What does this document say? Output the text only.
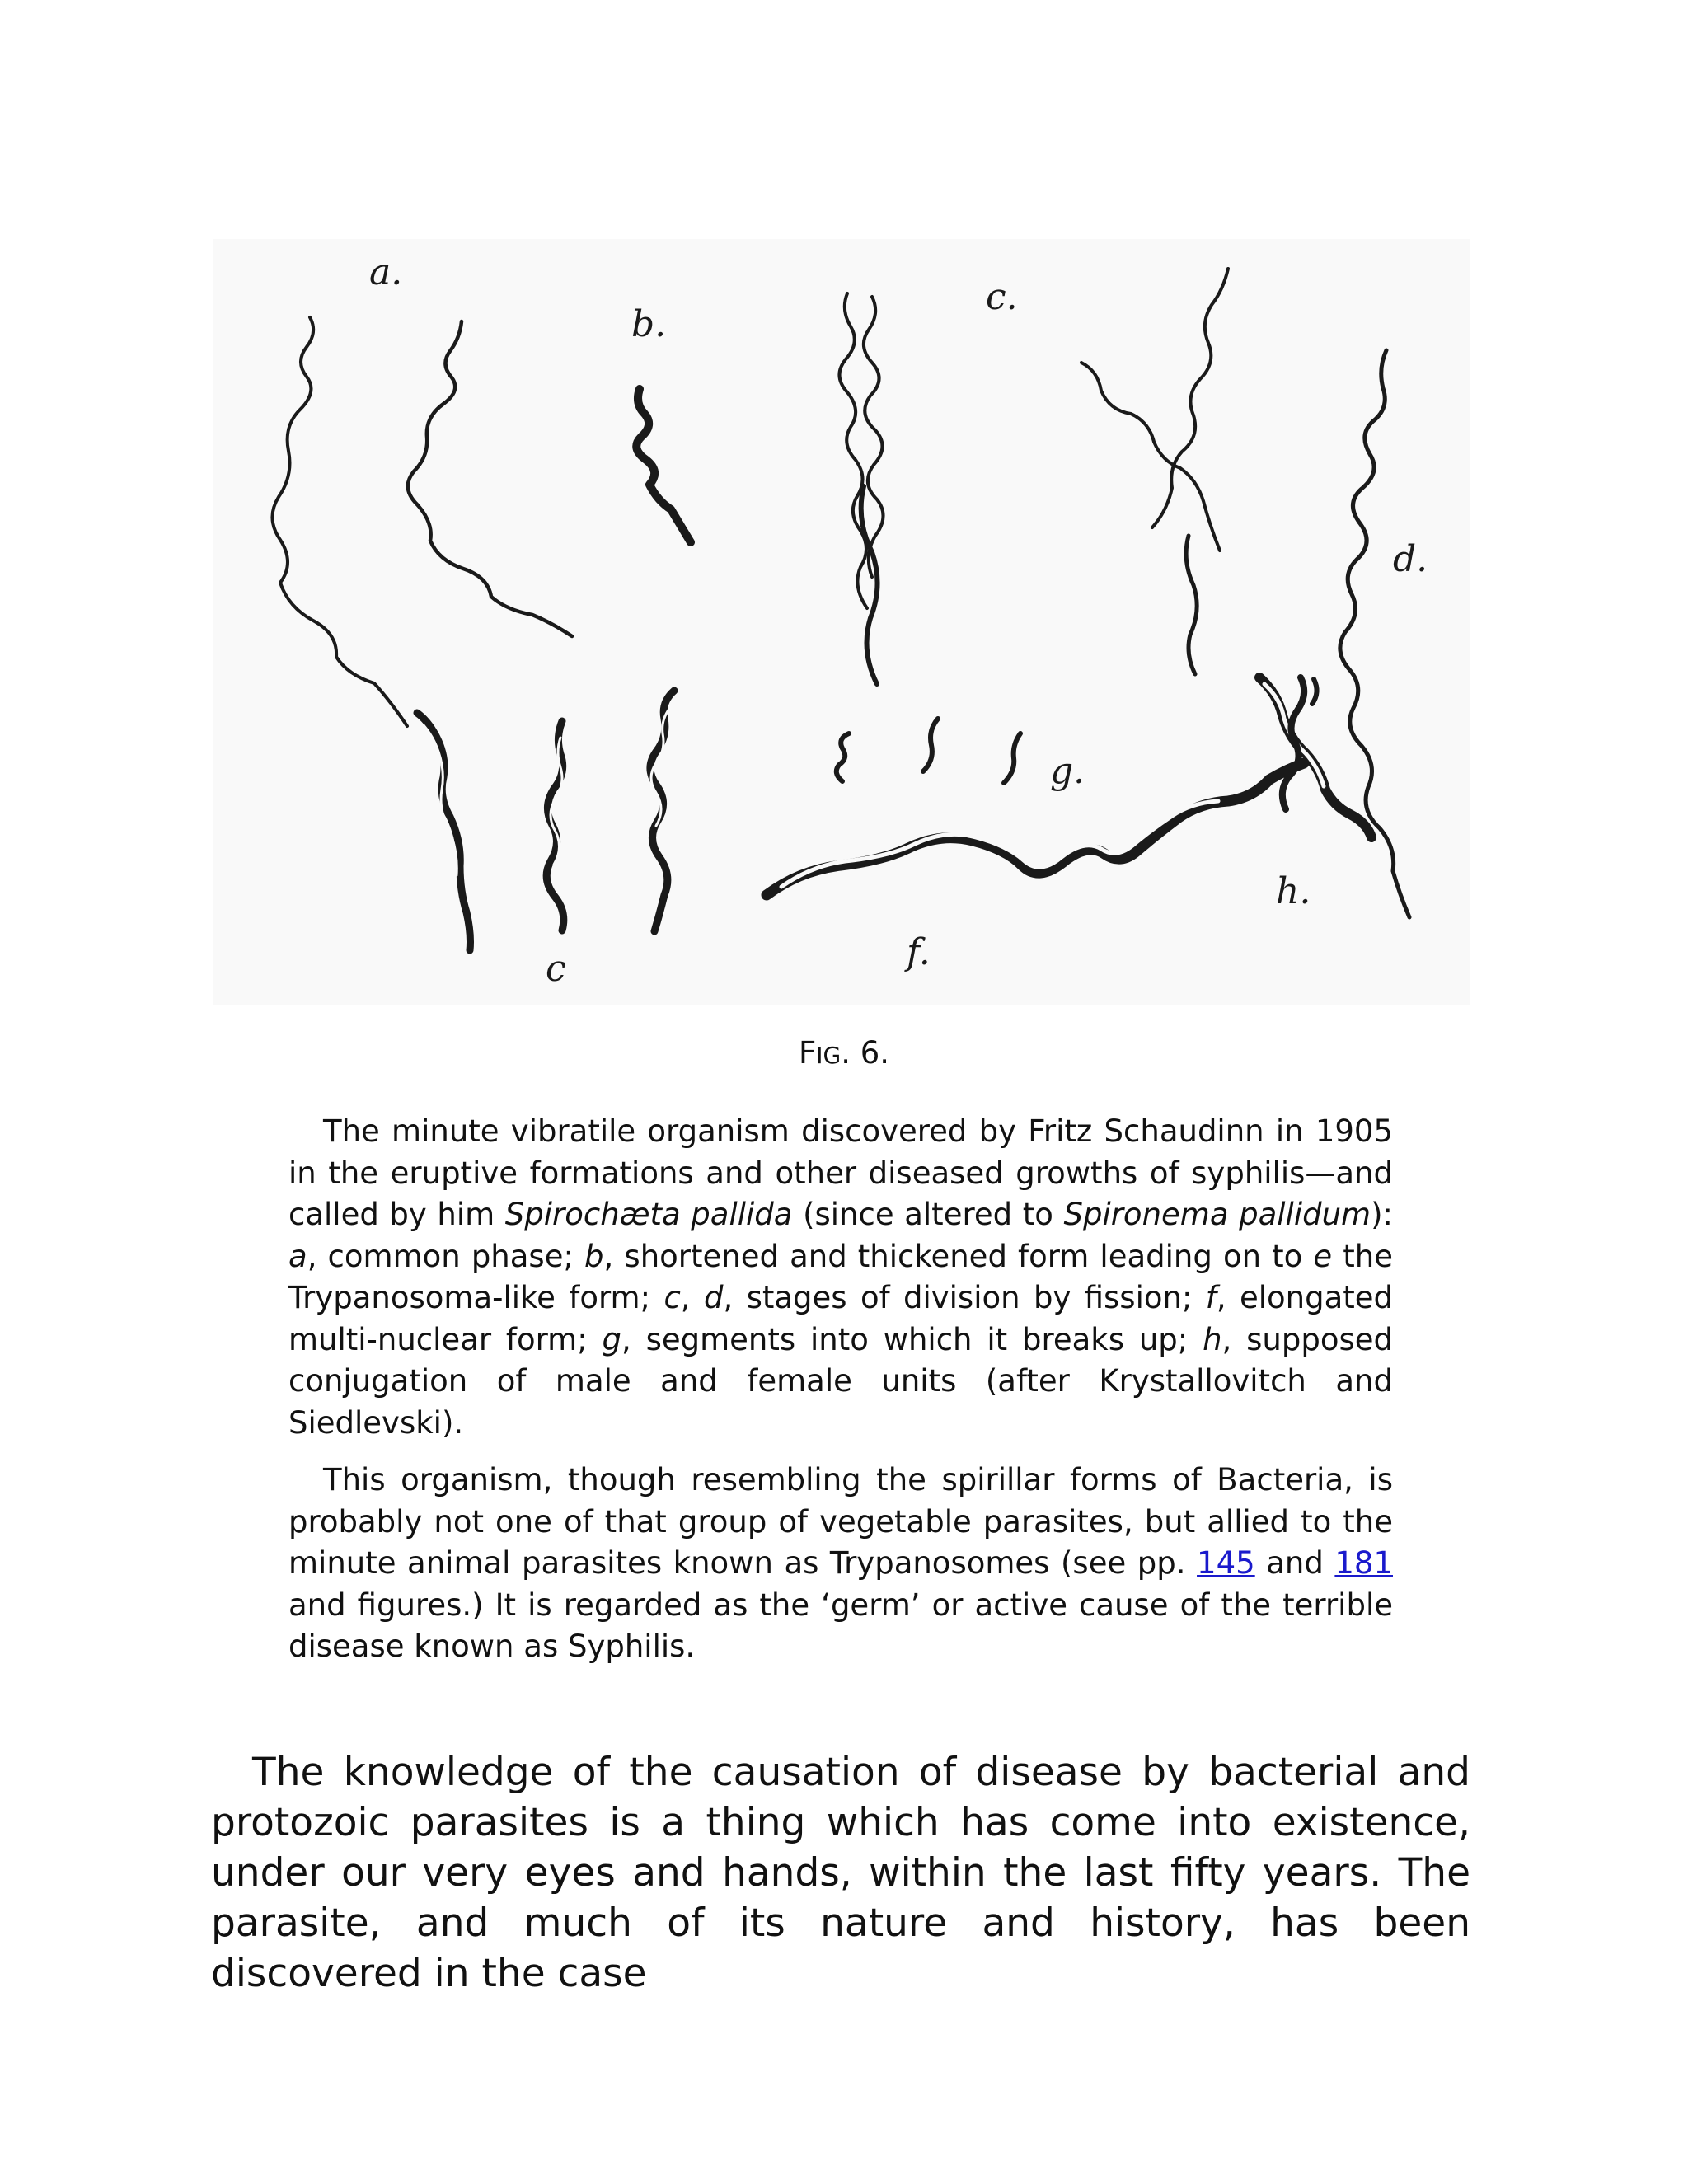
a.
b.
c.
d.
c	f.
g.
h.
FIG. 6.

The minute vibratile organism discovered by Fritz Schaudinn in 1905 in the eruptive formations and other diseased growths of syphilis—and called by him Spirochæta pallida (since altered to Spironema pallidum): a, common phase; b, shortened and thickened form leading on to e the Trypanosoma-like form; c, d, stages of division by fission; f, elongated multi-nuclear form; g, segments into which it breaks up; h, supposed conjugation of male and female units (after Krystallovitch and Siedlevski).

This organism, though resembling the spirillar forms of Bacteria, is probably not one of that group of vegetable parasites, but allied to the minute animal parasites known as Trypanosomes (see pp. 145 and 181 and figures.) It is regarded as the ‘germ’ or active cause of the terrible disease known as Syphilis.

The knowledge of the causation of disease by bacterial and protozoic parasites is a thing which has come into existence, under our very eyes and hands, within the last fifty years. The parasite, and much of its nature and history, has been discovered in the case
